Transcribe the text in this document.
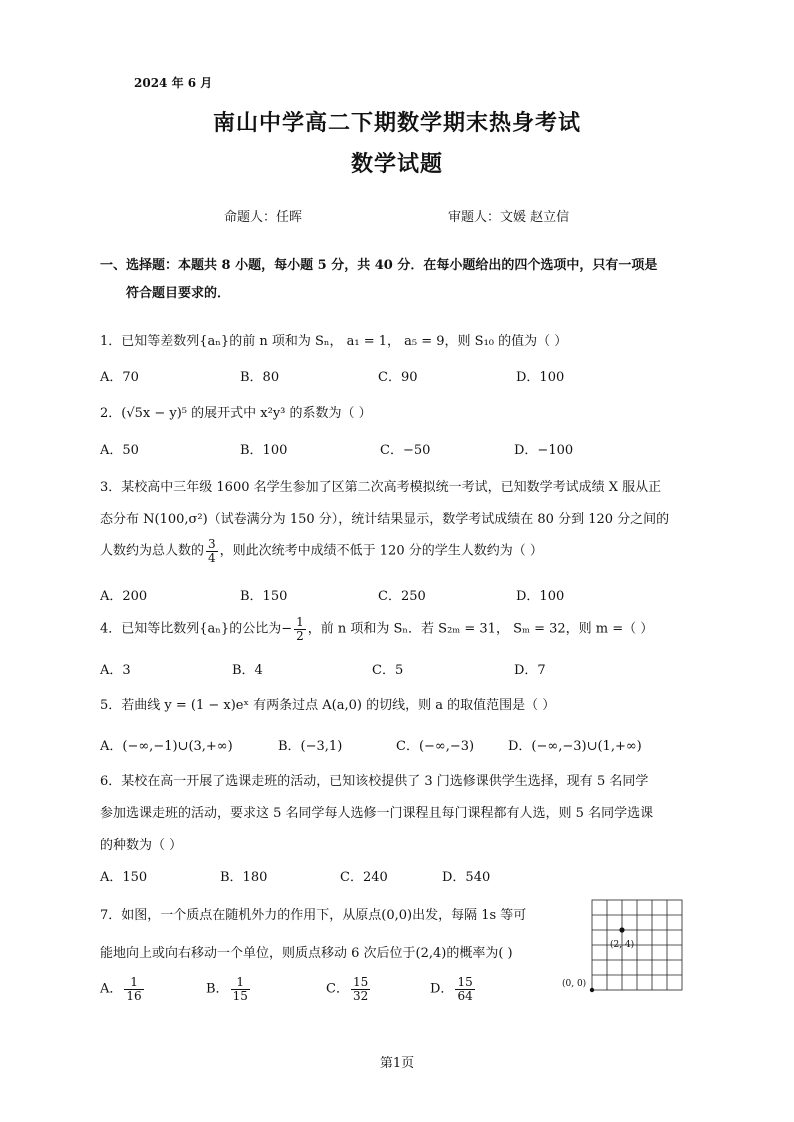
2024 年 6 月
南山中学高二下期数学期末热身考试
数学试题
命题人：任晖	审题人：文媛 赵立信
一、选择题：本题共 8 小题，每小题 5 分，共 40 分．在每小题给出的四个选项中，只有一项是
符合题目要求的．
1．已知等差数列{aₙ}的前 n 项和为 Sₙ， a₁ = 1， a₅ = 9，则 S₁₀ 的值为（ ）
A．70	B．80	C．90	D．100
2．(√5x − y)⁵ 的展开式中 x²y³ 的系数为（ ）
A．50	B．100	C．−50	D．−100
3．某校高中三年级 1600 名学生参加了区第二次高考模拟统一考试，已知数学考试成绩 X 服从正
态分布 N(100,σ²)（试卷满分为 150 分），统计结果显示，数学考试成绩在 80 分到 120 分之间的
人数约为总人数的 $\frac{3}{4}$ ，则此次统考中成绩不低于 120 分的学生人数约为（ ）
A．200	B．150	C．250	D．100
4．已知等比数列{aₙ}的公比为− $\frac{1}{2}$ ，前 n 项和为 Sₙ．若 S₂ₘ = 31， Sₘ = 32，则 m =（ ）
A．3	B．4	C．5	D．7
5．若曲线 y = (1 − x)eˣ 有两条过点 A(a,0) 的切线，则 a 的取值范围是（ ）
A．(−∞,−1)∪(3,+∞)	B．(−3,1)	C．(−∞,−3)	D．(−∞,−3)∪(1,+∞)
6．某校在高一开展了选课走班的活动，已知该校提供了 3 门选修课供学生选择，现有 5 名同学
参加选课走班的活动，要求这 5 名同学每人选修一门课程且每门课程都有人选，则 5 名同学选课
的种数为（ ）
A．150	B．180	C．240	D．540
7．如图，一个质点在随机外力的作用下，从原点(0,0)出发，每隔 1s 等可
能地向上或向右移动一个单位，则质点移动 6 次后位于(2,4)的概率为( )
A． $\frac{1}{16}$	B． $\frac{1}{15}$	C． $\frac{15}{32}$	D． $\frac{15}{64}$
(2, 4)
(0, 0)
第1页
